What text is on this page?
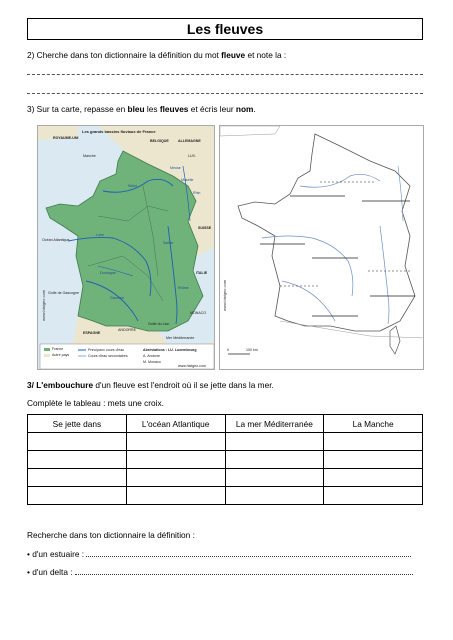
Les fleuves
2) Cherche dans ton dictionnaire la définition du mot fleuve et note la :
3) Sur ta carte, repasse en bleu les fleuves et écris leur nom.
Les grands bassins fluviaux de France
ROYAUME-UNI
BELGIQUE	ALLEMAGNE
LUX.
Manche
SUISSE
ITALIE
Golfe de Gascogne
Océan Atlantique
ESPAGNE
ANDORRE
MONACO
Golfe du Lion
Mer Méditerranée
Seine
Loire
Rhin
Rhône
Garonne
Dordogne
Meuse
Moselle
Saône
www.histgeo.com
France
Autre pays
Principaux cours d'eau
Cours d'eau secondaires
Abréviations : LU. Luxembourg
A. Andorre
M. Monaco
www.histgeo.com
www.histgeo.com
0	100 km
3/ L'embouchure d'un fleuve est l'endroit où il se jette dans la mer.
Complète le tableau : mets une croix.
Se jette dans	L'océan Atlantique	La mer Méditerranée	La Manche

Recherche dans ton dictionnaire la définition :
• d'un estuaire :
• d'un delta :
